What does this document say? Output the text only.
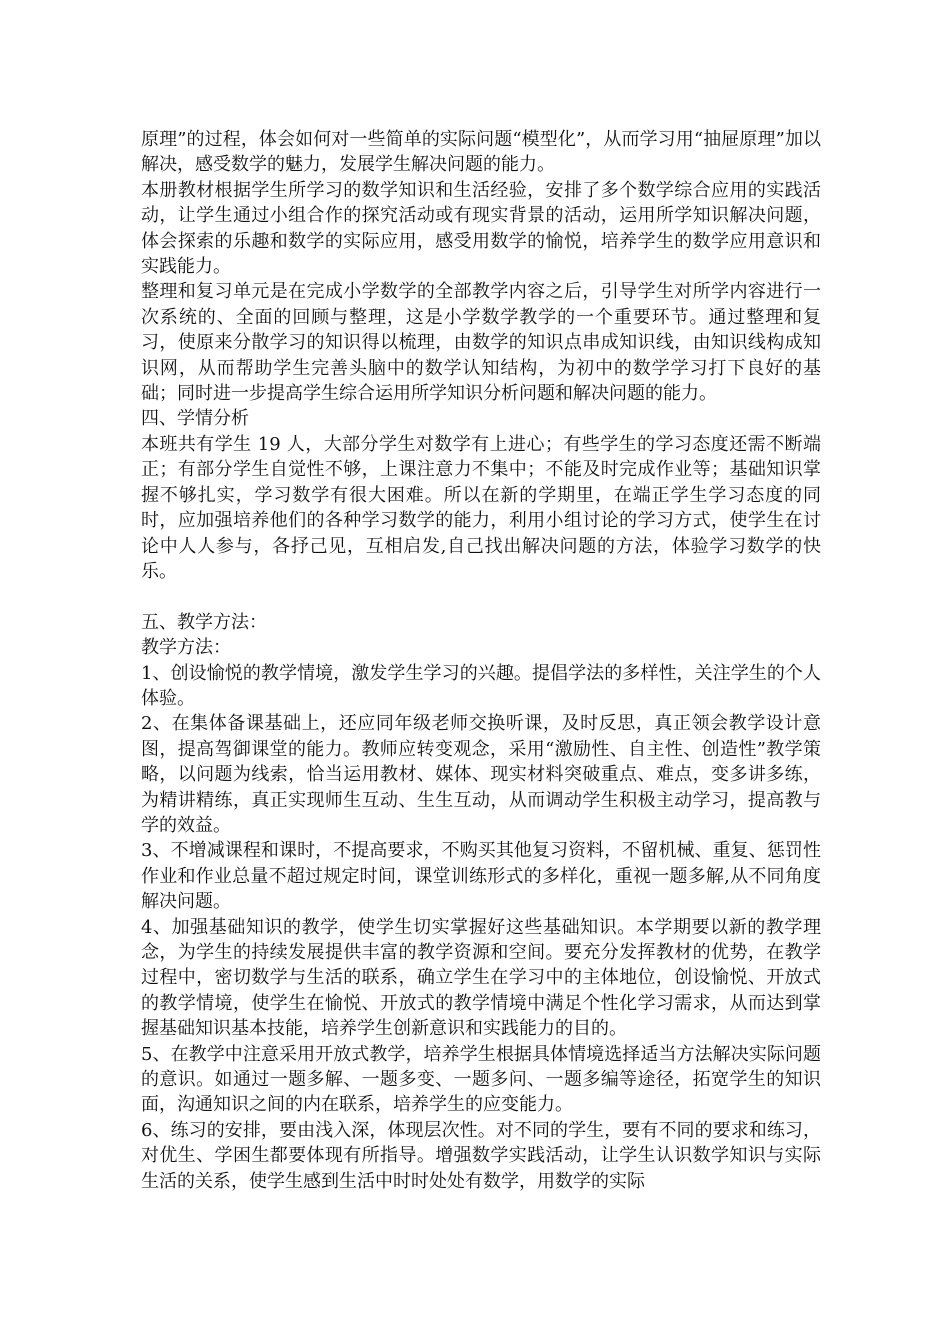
原理”的过程，体会如何对一些简单的实际问题“模型化”，从而学习用“抽屉原理”加以解决，感受数学的魅力，发展学生解决问题的能力。

本册教材根据学生所学习的数学知识和生活经验，安排了多个数学综合应用的实践活动，让学生通过小组合作的探究活动或有现实背景的活动，运用所学知识解决问题，体会探索的乐趣和数学的实际应用，感受用数学的愉悦，培养学生的数学应用意识和实践能力。

整理和复习单元是在完成小学数学的全部教学内容之后，引导学生对所学内容进行一次系统的、全面的回顾与整理，这是小学数学教学的一个重要环节。通过整理和复习，使原来分散学习的知识得以梳理，由数学的知识点串成知识线，由知识线构成知识网，从而帮助学生完善头脑中的数学认知结构，为初中的数学学习打下良好的基础；同时进一步提高学生综合运用所学知识分析问题和解决问题的能力。

四、学情分析

本班共有学生 19 人，大部分学生对数学有上进心；有些学生的学习态度还需不断端正；有部分学生自觉性不够，上课注意力不集中；不能及时完成作业等；基础知识掌握不够扎实，学习数学有很大困难。所以在新的学期里，在端正学生学习态度的同时，应加强培养他们的各种学习数学的能力，利用小组讨论的学习方式，使学生在讨论中人人参与，各抒己见，互相启发,自己找出解决问题的方法，体验学习数学的快乐。

五、教学方法：

教学方法：

1、创设愉悦的教学情境，激发学生学习的兴趣。提倡学法的多样性，关注学生的个人体验。

2、在集体备课基础上，还应同年级老师交换听课，及时反思，真正领会教学设计意图，提高驾御课堂的能力。教师应转变观念，采用“激励性、自主性、创造性”教学策略，以问题为线索，恰当运用教材、媒体、现实材料突破重点、难点，变多讲多练，为精讲精练，真正实现师生互动、生生互动，从而调动学生积极主动学习，提高教与学的效益。

3、不增减课程和课时，不提高要求，不购买其他复习资料，不留机械、重复、惩罚性作业和作业总量不超过规定时间，课堂训练形式的多样化，重视一题多解,从不同角度解决问题。

4、加强基础知识的教学，使学生切实掌握好这些基础知识。本学期要以新的教学理念，为学生的持续发展提供丰富的教学资源和空间。要充分发挥教材的优势，在教学过程中，密切数学与生活的联系，确立学生在学习中的主体地位，创设愉悦、开放式的教学情境，使学生在愉悦、开放式的教学情境中满足个性化学习需求，从而达到掌握基础知识基本技能，培养学生创新意识和实践能力的目的。

5、在教学中注意采用开放式教学，培养学生根据具体情境选择适当方法解决实际问题的意识。如通过一题多解、一题多变、一题多问、一题多编等途径，拓宽学生的知识面，沟通知识之间的内在联系，培养学生的应变能力。

6、练习的安排，要由浅入深，体现层次性。对不同的学生，要有不同的要求和练习，对优生、学困生都要体现有所指导。增强数学实践活动，让学生认识数学知识与实际生活的关系，使学生感到生活中时时处处有数学，用数学的实际
